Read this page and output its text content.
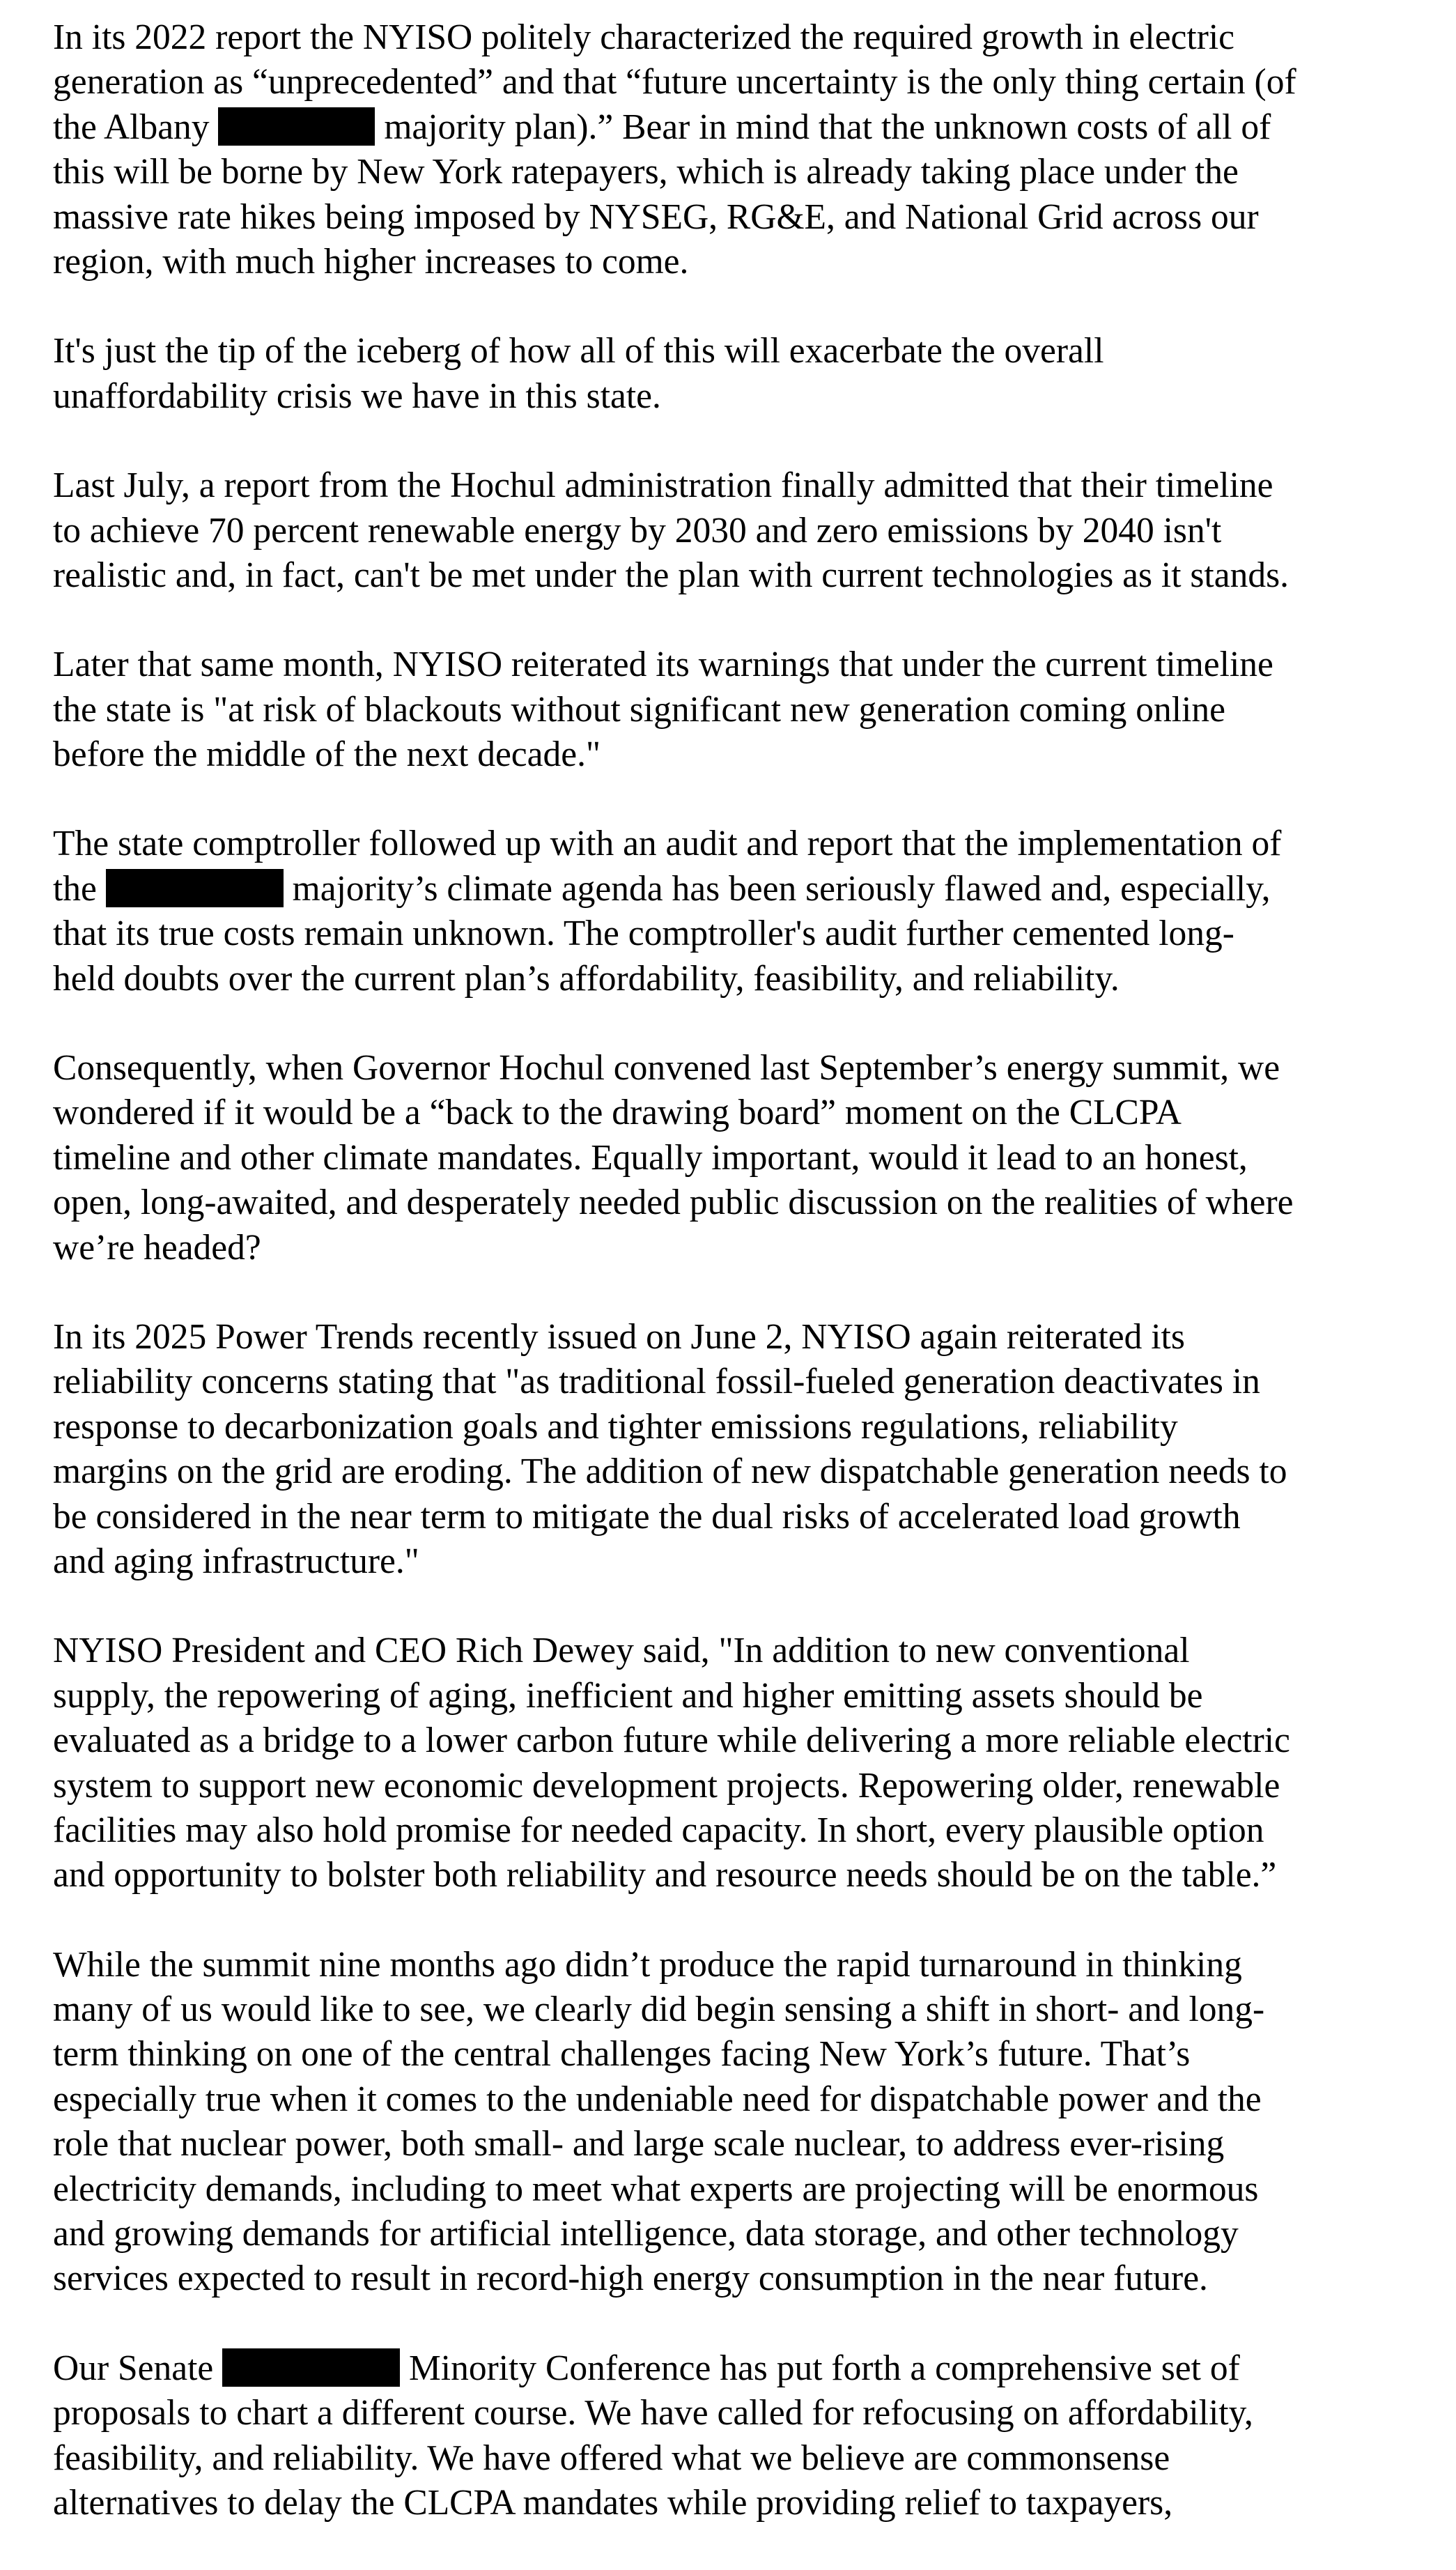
In its 2022 report the NYISO politely characterized the required growth in electric
generation as “unprecedented” and that “future uncertainty is the only thing certain (of
the Albany	majority plan).” Bear in mind that the unknown costs of all of
this will be borne by New York ratepayers, which is already taking place under the
massive rate hikes being imposed by NYSEG, RG&E, and National Grid across our
region, with much higher increases to come.
It's just the tip of the iceberg of how all of this will exacerbate the overall
unaffordability crisis we have in this state.
Last July, a report from the Hochul administration finally admitted that their timeline
to achieve 70 percent renewable energy by 2030 and zero emissions by 2040 isn't
realistic and, in fact, can't be met under the plan with current technologies as it stands.
Later that same month, NYISO reiterated its warnings that under the current timeline
the state is "at risk of blackouts without significant new generation coming online
before the middle of the next decade."
The state comptroller followed up with an audit and report that the implementation of
the	majority’s climate agenda has been seriously flawed and, especially,
that its true costs remain unknown. The comptroller's audit further cemented long-
held doubts over the current plan’s affordability, feasibility, and reliability.
Consequently, when Governor Hochul convened last September’s energy summit, we
wondered if it would be a “back to the drawing board” moment on the CLCPA
timeline and other climate mandates. Equally important, would it lead to an honest,
open, long-awaited, and desperately needed public discussion on the realities of where
we’re headed?
In its 2025 Power Trends recently issued on June 2, NYISO again reiterated its
reliability concerns stating that "as traditional fossil-fueled generation deactivates in
response to decarbonization goals and tighter emissions regulations, reliability
margins on the grid are eroding. The addition of new dispatchable generation needs to
be considered in the near term to mitigate the dual risks of accelerated load growth
and aging infrastructure."
NYISO President and CEO Rich Dewey said, "In addition to new conventional
supply, the repowering of aging, inefficient and higher emitting assets should be
evaluated as a bridge to a lower carbon future while delivering a more reliable electric
system to support new economic development projects. Repowering older, renewable
facilities may also hold promise for needed capacity. In short, every plausible option
and opportunity to bolster both reliability and resource needs should be on the table.”
While the summit nine months ago didn’t produce the rapid turnaround in thinking
many of us would like to see, we clearly did begin sensing a shift in short- and long-
term thinking on one of the central challenges facing New York’s future. That’s
especially true when it comes to the undeniable need for dispatchable power and the
role that nuclear power, both small- and large scale nuclear, to address ever-rising
electricity demands, including to meet what experts are projecting will be enormous
and growing demands for artificial intelligence, data storage, and other technology
services expected to result in record-high energy consumption in the near future.
Our Senate	Minority Conference has put forth a comprehensive set of
proposals to chart a different course. We have called for refocusing on affordability,
feasibility, and reliability. We have offered what we believe are commonsense
alternatives to delay the CLCPA mandates while providing relief to taxpayers,
